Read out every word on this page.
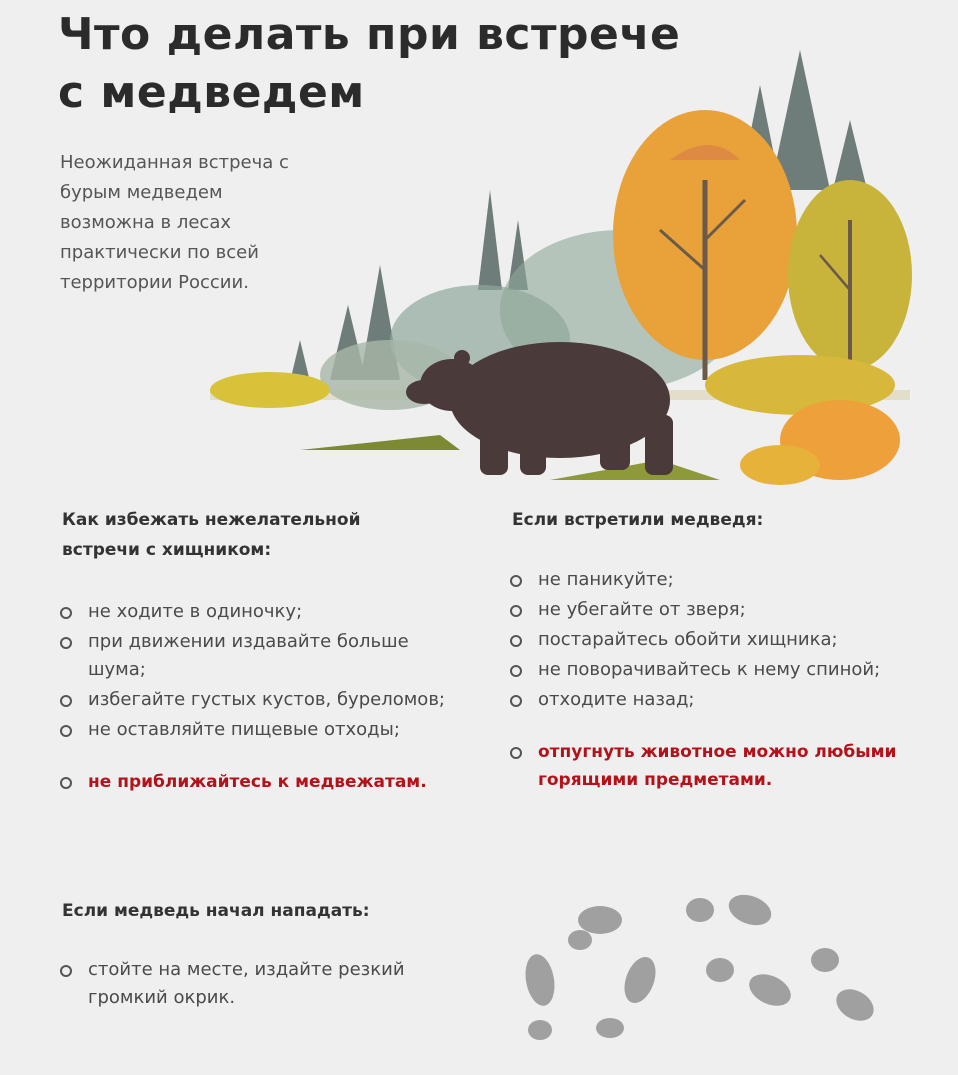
Что делать при встрече
с медведем
Неожиданная встреча с бурым медведем возможна в лесах практически по всей территории России.
Как избежать нежелательной
встречи с хищником:
не ходите в одиночку;
при движении издавайте больше шума;
избегайте густых кустов, буреломов;
не оставляйте пищевые отходы;
не приближайтесь к медвежатам.
Если встретили медведя:
не паникуйте;
не убегайте от зверя;
постарайтесь обойти хищника;
не поворачивайтесь к нему спиной;
отходите назад;
отпугнуть животное можно любыми горящими предметами.
Если медведь начал нападать:
стойте на месте, издайте резкий громкий окрик.
